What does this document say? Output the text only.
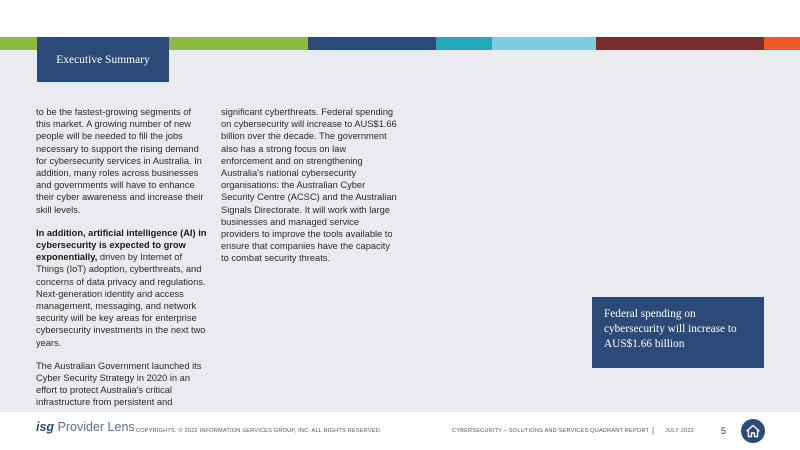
Executive Summary

to be the fastest-growing segments of this market. A growing number of new people will be needed to fill the jobs necessary to support the rising demand for cybersecurity services in Australia. In addition, many roles across businesses and governments will have to enhance their cyber awareness and increase their skill levels.

In addition, artificial intelligence (AI) in cybersecurity is expected to grow exponentially, driven by Internet of Things (IoT) adoption, cyberthreats, and concerns of data privacy and regulations. Next-generation identity and access management, messaging, and network security will be key areas for enterprise cybersecurity investments in the next two years.

The Australian Government launched its Cyber Security Strategy in 2020 in an effort to protect Australia's critical infrastructure from persistent and

significant cyberthreats. Federal spending on cybersecurity will increase to AUS$1.66 billion over the decade. The government also has a strong focus on law enforcement and on strengthening Australia's national cybersecurity organisations: the Australian Cyber Security Centre (ACSC) and the Australian Signals Directorate. It will work with large businesses and managed service providers to improve the tools available to ensure that companies have the capacity to combat security threats.

Federal spending on cybersecurity will increase to AUS$1.66 billion
isg Provider Lens COPYRIGHTS. © 2022 INFORMATION SERVICES GROUP, INC. ALL RIGHTS RESERVED.	CYBERSECURITY – SOLUTIONS AND SERVICES QUADRANT REPORT | JULY 2022	5
